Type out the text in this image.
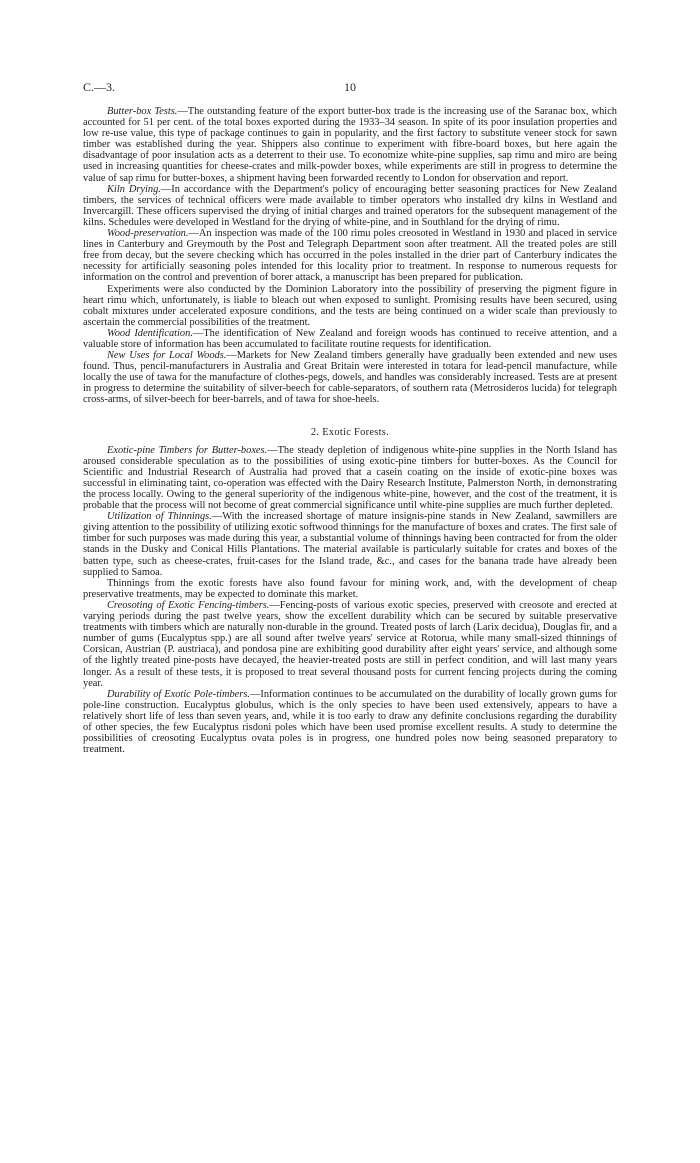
C.—3.	10

Butter-box Tests.—The outstanding feature of the export butter-box trade is the increasing use of the Saranac box, which accounted for 51 per cent. of the total boxes exported during the 1933–34 season. In spite of its poor insulation properties and low re-use value, this type of package continues to gain in popularity, and the first factory to substitute veneer stock for sawn timber was established during the year. Shippers also continue to experiment with fibre-board boxes, but here again the disadvantage of poor insulation acts as a deterrent to their use. To economize white-pine supplies, sap rimu and miro are being used in increasing quantities for cheese-crates and milk-powder boxes, while experiments are still in progress to determine the value of sap rimu for butter-boxes, a shipment having been forwarded recently to London for observation and report.

Kiln Drying.—In accordance with the Department's policy of encouraging better seasoning practices for New Zealand timbers, the services of technical officers were made available to timber operators who installed dry kilns in Westland and Invercargill. These officers supervised the drying of initial charges and trained operators for the subsequent management of the kilns. Schedules were developed in Westland for the drying of white-pine, and in Southland for the drying of rimu.

Wood-preservation.—An inspection was made of the 100 rimu poles creosoted in Westland in 1930 and placed in service lines in Canterbury and Greymouth by the Post and Telegraph Department soon after treatment. All the treated poles are still free from decay, but the severe checking which has occurred in the poles installed in the drier part of Canterbury indicates the necessity for artificially seasoning poles intended for this locality prior to treatment. In response to numerous requests for information on the control and prevention of borer attack, a manuscript has been prepared for publication.

Experiments were also conducted by the Dominion Laboratory into the possibility of preserving the pigment figure in heart rimu which, unfortunately, is liable to bleach out when exposed to sunlight. Promising results have been secured, using cobalt mixtures under accelerated exposure conditions, and the tests are being continued on a wider scale than previously to ascertain the commercial possibilities of the treatment.

Wood Identification.—The identification of New Zealand and foreign woods has continued to receive attention, and a valuable store of information has been accumulated to facilitate routine requests for identification.

New Uses for Local Woods.—Markets for New Zealand timbers generally have gradually been extended and new uses found. Thus, pencil-manufacturers in Australia and Great Britain were interested in totara for lead-pencil manufacture, while locally the use of tawa for the manufacture of clothes-pegs, dowels, and handles was considerably increased. Tests are at present in progress to determine the suitability of silver-beech for cable-separators, of southern rata (Metrosideros lucida) for telegraph cross-arms, of silver-beech for beer-barrels, and of tawa for shoe-heels.

2. Exotic Forests.

Exotic-pine Timbers for Butter-boxes.—The steady depletion of indigenous white-pine supplies in the North Island has aroused considerable speculation as to the possibilities of using exotic-pine timbers for butter-boxes. As the Council for Scientific and Industrial Research of Australia had proved that a casein coating on the inside of exotic-pine boxes was successful in eliminating taint, co-operation was effected with the Dairy Research Institute, Palmerston North, in demonstrating the process locally. Owing to the general superiority of the indigenous white-pine, however, and the cost of the treatment, it is probable that the process will not become of great commercial significance until white-pine supplies are much further depleted.

Utilization of Thinnings.—With the increased shortage of mature insignis-pine stands in New Zealand, sawmillers are giving attention to the possibility of utilizing exotic softwood thinnings for the manufacture of boxes and crates. The first sale of timber for such purposes was made during this year, a substantial volume of thinnings having been contracted for from the older stands in the Dusky and Conical Hills Plantations. The material available is particularly suitable for crates and boxes of the batten type, such as cheese-crates, fruit-cases for the Island trade, &c., and cases for the banana trade have already been supplied to Samoa.

Thinnings from the exotic forests have also found favour for mining work, and, with the development of cheap preservative treatments, may be expected to dominate this market.

Creosoting of Exotic Fencing-timbers.—Fencing-posts of various exotic species, preserved with creosote and erected at varying periods during the past twelve years, show the excellent durability which can be secured by suitable preservative treatments with timbers which are naturally non-durable in the ground. Treated posts of larch (Larix decidua), Douglas fir, and a number of gums (Eucalyptus spp.) are all sound after twelve years' service at Rotorua, while many small-sized thinnings of Corsican, Austrian (P. austriaca), and pondosa pine are exhibiting good durability after eight years' service, and although some of the lightly treated pine-posts have decayed, the heavier-treated posts are still in perfect condition, and will last many years longer. As a result of these tests, it is proposed to treat several thousand posts for current fencing projects during the coming year.

Durability of Exotic Pole-timbers.—Information continues to be accumulated on the durability of locally grown gums for pole-line construction. Eucalyptus globulus, which is the only species to have been used extensively, appears to have a relatively short life of less than seven years, and, while it is too early to draw any definite conclusions regarding the durability of other species, the few Eucalyptus risdoni poles which have been used promise excellent results. A study to determine the possibilities of creosoting Eucalyptus ovata poles is in progress, one hundred poles now being seasoned preparatory to treatment.
